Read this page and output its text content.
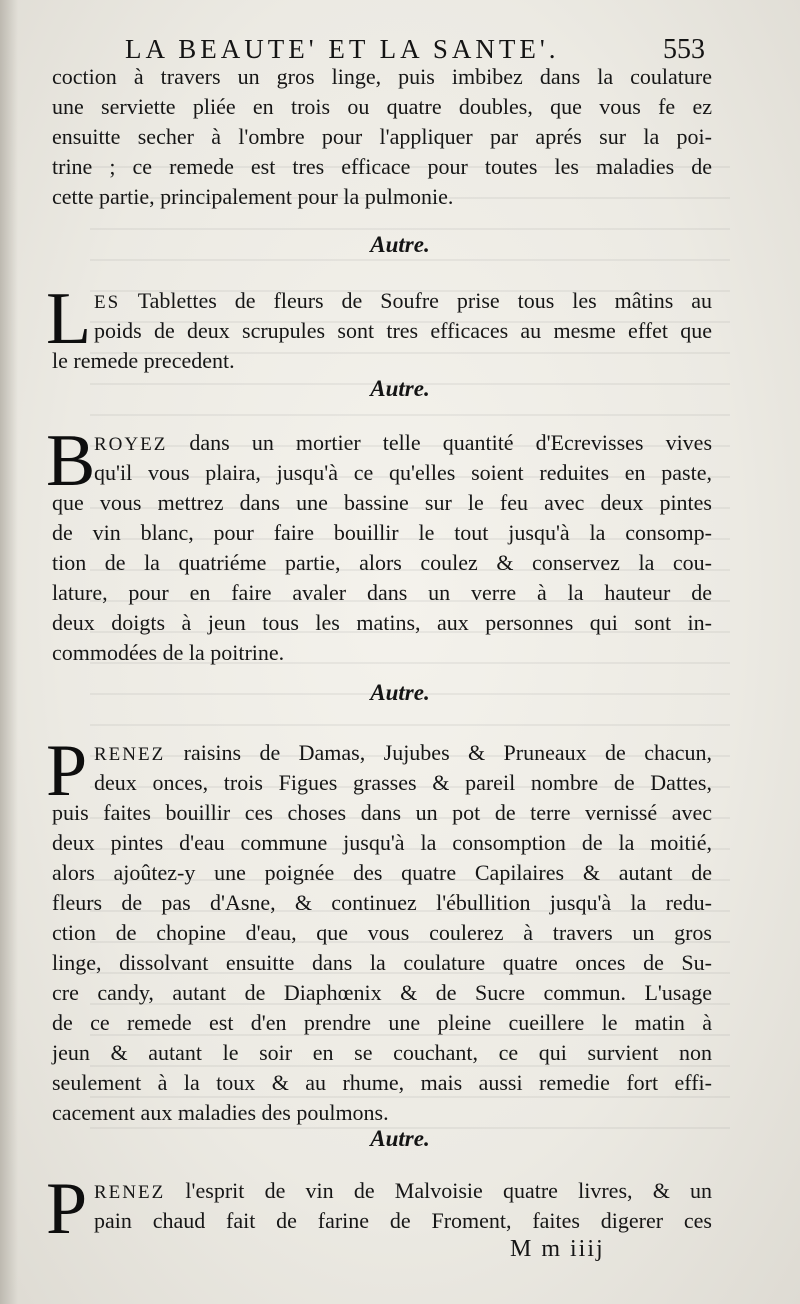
LA BEAUTE' ET LA SANTE'.	553
coction à travers un gros linge, puis imbibez dans la coulature
une serviette pliée en trois ou quatre doubles, que vous fe ez
ensuitte secher à l'ombre pour l'appliquer par aprés sur la poi-
trine ; ce remede est tres efficace pour toutes les maladies de
cette partie, principalement pour la pulmonie.
Autre.
L ES Tablettes de fleurs de Soufre prise tous les mâtins au
poids de deux scrupules sont tres efficaces au mesme effet que
le remede precedent.
Autre.
B
ROYEZ dans un mortier telle quantité d'Ecrevisses vives
qu'il vous plaira, jusqu'à ce qu'elles soient reduites en paste,
que vous mettrez dans une bassine sur le feu avec deux pintes
de vin blanc, pour faire bouillir le tout jusqu'à la consomp-
tion de la quatriéme partie, alors coulez & conservez la cou-
lature, pour en faire avaler dans un verre à la hauteur de
deux doigts à jeun tous les matins, aux personnes qui sont in-
commodées de la poitrine.
Autre.
P RENEZ raisins de Damas, Jujubes & Pruneaux de chacun,
deux onces, trois Figues grasses & pareil nombre de Dattes,
puis faites bouillir ces choses dans un pot de terre vernissé avec
deux pintes d'eau commune jusqu'à la consomption de la moitié,
alors ajoûtez-y une poignée des quatre Capilaires & autant de
fleurs de pas d'Asne, & continuez l'ébullition jusqu'à la redu-
ction de chopine d'eau, que vous coulerez à travers un gros
linge, dissolvant ensuitte dans la coulature quatre onces de Su-
cre candy, autant de Diaphœnix & de Sucre commun. L'usage
de ce remede est d'en prendre une pleine cueillere le matin à
jeun & autant le soir en se couchant, ce qui survient non
seulement à la toux & au rhume, mais aussi remedie fort effi-
cacement aux maladies des poulmons.
Autre.
P RENEZ l'esprit de vin de Malvoisie quatre livres, & un
pain chaud fait de farine de Froment, faites digerer ces
M m iiij
